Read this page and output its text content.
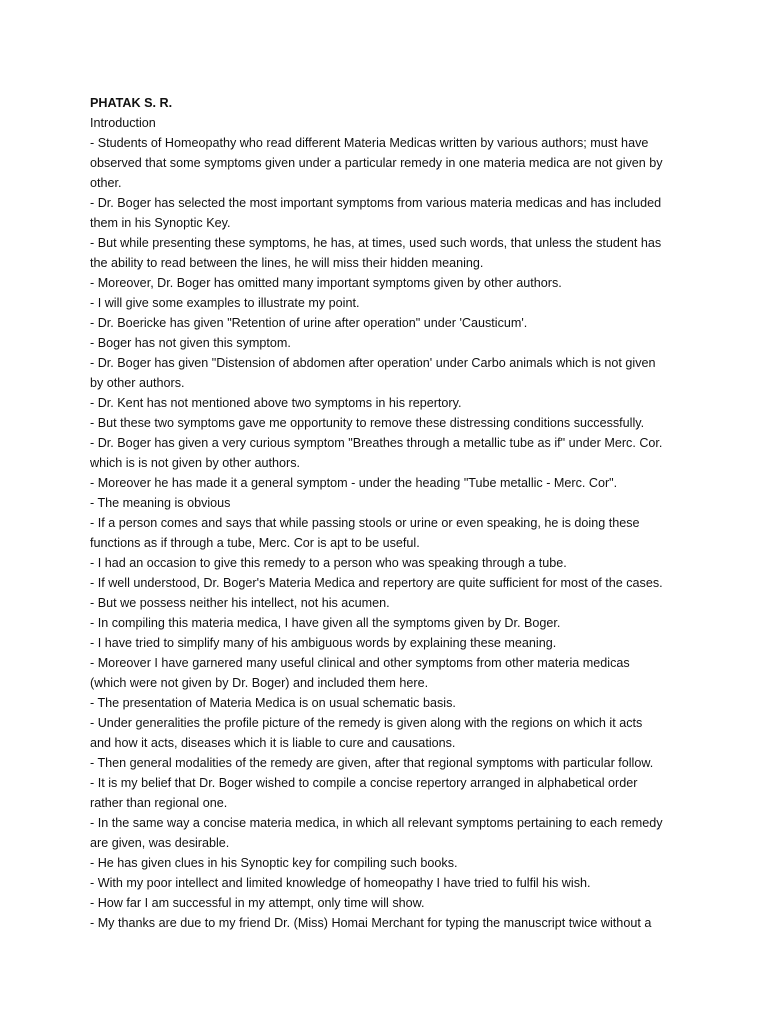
PHATAK S. R.
Introduction
- Students of Homeopathy who read different Materia Medicas written by various authors; must have
observed that some symptoms given under a particular remedy in one materia medica are not given by
other.
- Dr. Boger has selected the most important symptoms from various materia medicas and has included
them in his Synoptic Key.
- But while presenting these symptoms, he has, at times, used such words, that unless the student has
the ability to read between the lines, he will miss their hidden meaning.
- Moreover, Dr. Boger has omitted many important symptoms given by other authors.
- I will give some examples to illustrate my point.
- Dr. Boericke has given "Retention of urine after operation" under 'Causticum'.
- Boger has not given this symptom.
- Dr. Boger has given "Distension of abdomen after operation' under Carbo animals which is not given
by other authors.
- Dr. Kent has not mentioned above two symptoms in his repertory.
- But these two symptoms gave me opportunity to remove these distressing conditions successfully.
- Dr. Boger has given a very curious symptom "Breathes through a metallic tube as if" under Merc. Cor.
which is is not given by other authors.
- Moreover he has made it a general symptom - under the heading "Tube metallic - Merc. Cor".
- The meaning is obvious
- If a person comes and says that while passing stools or urine or even speaking, he is doing these
functions as if through a tube, Merc. Cor is apt to be useful.
- I had an occasion to give this remedy to a person who was speaking through a tube.
- If well understood, Dr. Boger's Materia Medica and repertory are quite sufficient for most of the cases.
- But we possess neither his intellect, not his acumen.
- In compiling this materia medica, I have given all the symptoms given by Dr. Boger.
- I have tried to simplify many of his ambiguous words by explaining these meaning.
- Moreover I have garnered many useful clinical and other symptoms from other materia medicas
(which were not given by Dr. Boger) and included them here.
- The presentation of Materia Medica is on usual schematic basis.
- Under generalities the profile picture of the remedy is given along with the regions on which it acts
and how it acts, diseases which it is liable to cure and causations.
- Then general modalities of the remedy are given, after that regional symptoms with particular follow.
- It is my belief that Dr. Boger wished to compile a concise repertory arranged in alphabetical order
rather than regional one.
- In the same way a concise materia medica, in which all relevant symptoms pertaining to each remedy
are given, was desirable.
- He has given clues in his Synoptic key for compiling such books.
- With my poor intellect and limited knowledge of homeopathy I have tried to fulfil his wish.
- How far I am successful in my attempt, only time will show.
- My thanks are due to my friend Dr. (Miss) Homai Merchant for typing the manuscript twice without a
